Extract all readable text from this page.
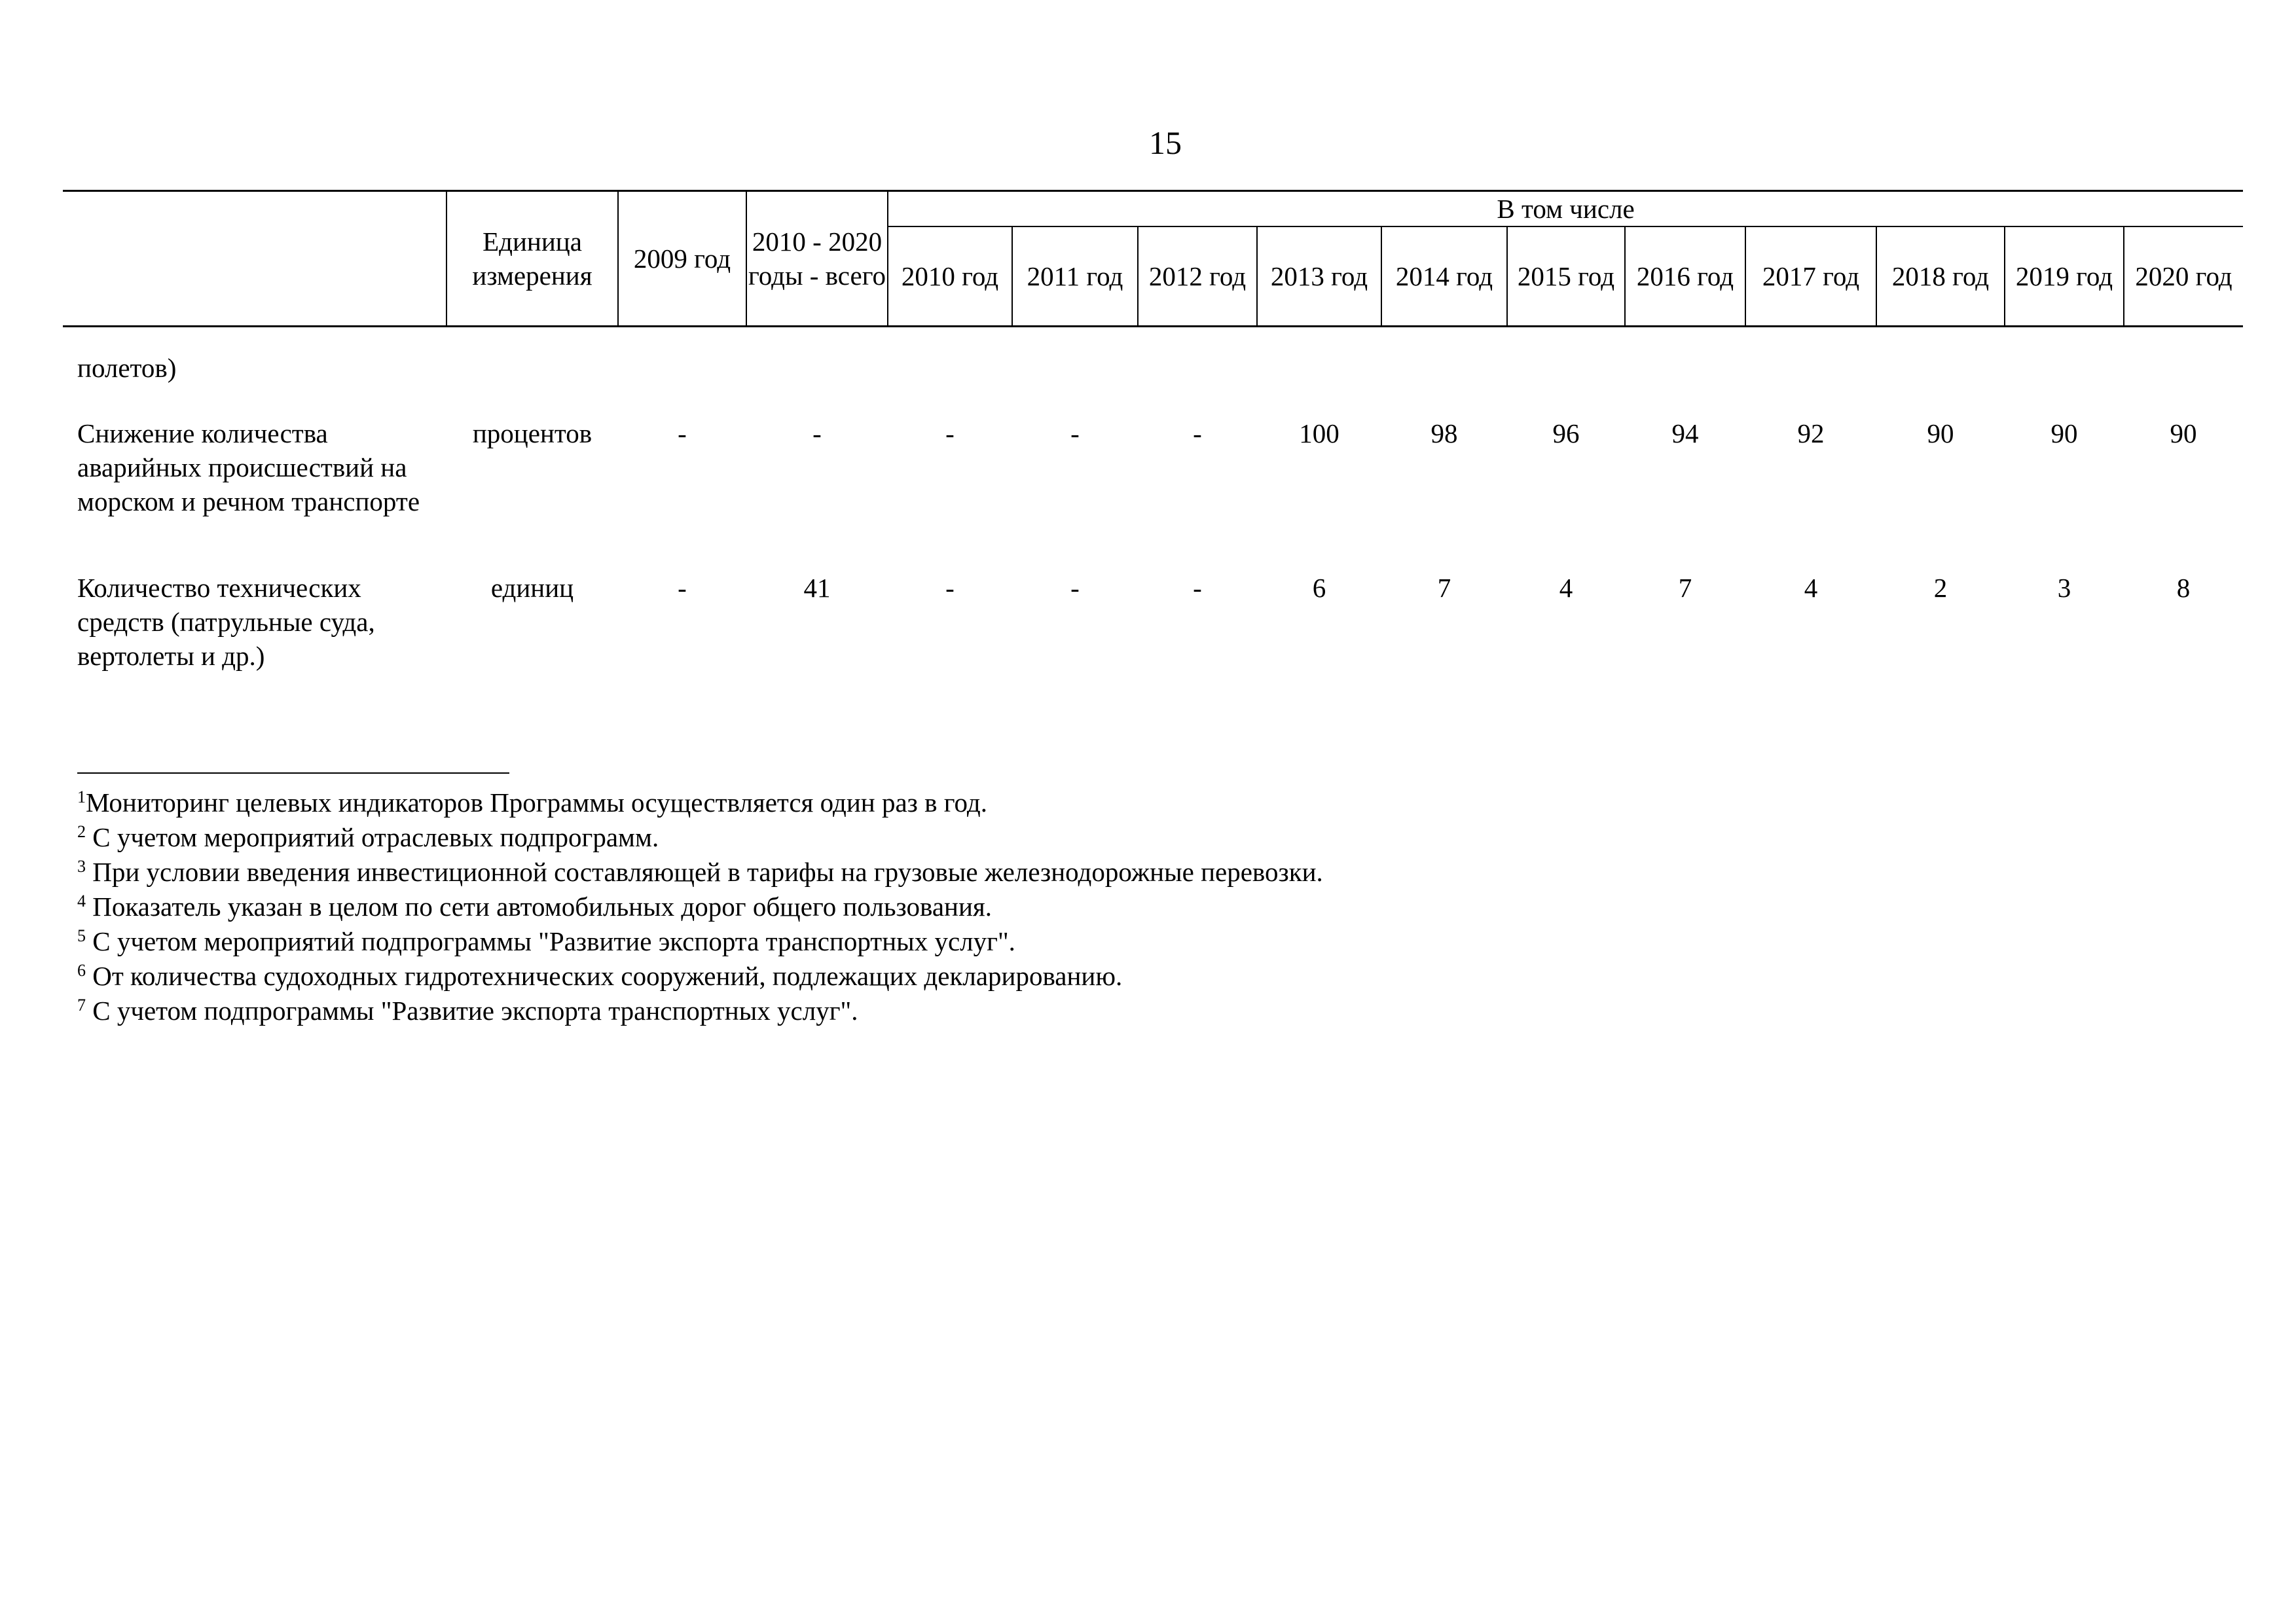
15
	Единица измерения	2009 год	2010 - 2020 годы - всего	В том числе										
				2010 год	2011 год	2012 год	2013 год	2014 год	2015 год	2016 год	2017 год	2018 год	2019 год	2020 год

полетов)														
Снижение количества аварийных происшествий на морском и речном транспорте	процентов	-	-	-	-	-	100	98	96	94	92	90	90	90
Количество технических средств (патрульные суда, вертолеты и др.)	единиц	-	41	-	-	-	6	7	4	7	4	2	3	8
$^1$Мониторинг целевых индикаторов Программы осуществляется один раз в год.
$^2$ С учетом мероприятий отраслевых подпрограмм.
$^3$ При условии введения инвестиционной составляющей в тарифы на грузовые железнодорожные перевозки.
$^4$ Показатель указан в целом по сети автомобильных дорог общего пользования.
$^5$ С учетом мероприятий подпрограммы "Развитие экспорта транспортных услуг".
$^6$ От количества судоходных гидротехнических сооружений, подлежащих декларированию.
$^7$ С учетом подпрограммы "Развитие экспорта транспортных услуг".
